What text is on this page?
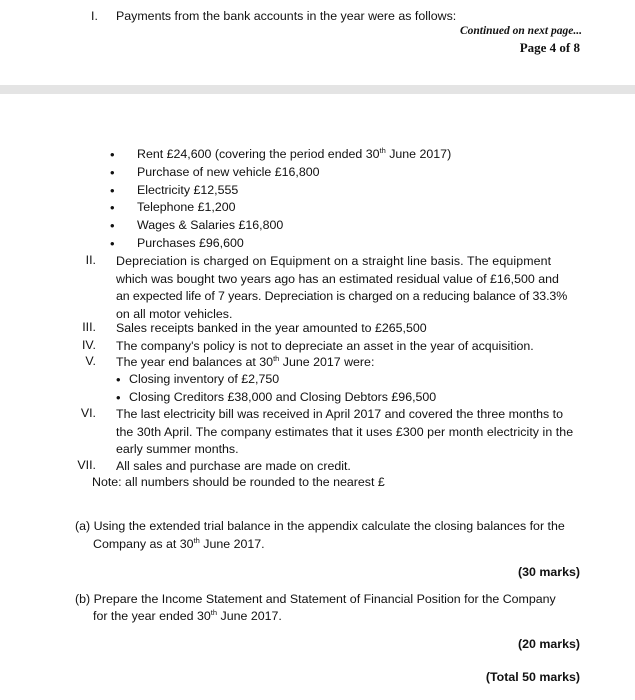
I. Payments from the bank accounts in the year were as follows:
Continued on next page...
Page 4 of 8
• Rent £24,600 (covering the period ended 30th June 2017)
• Purchase of new vehicle £16,800
• Electricity £12,555
• Telephone £1,200
• Wages & Salaries £16,800
• Purchases £96,600
II. Depreciation is charged on Equipment on a straight line basis. The equipment
which was bought two years ago has an estimated residual value of £16,500 and
an expected life of 7 years. Depreciation is charged on a reducing balance of 33.3%
on all motor vehicles.
III. Sales receipts banked in the year amounted to £265,500
IV. The company's policy is not to depreciate an asset in the year of acquisition.
V. The year end balances at 30th June 2017 were:
• Closing inventory of £2,750
• Closing Creditors £38,000 and Closing Debtors £96,500
VI. The last electricity bill was received in April 2017 and covered the three months to
the 30th April. The company estimates that it uses £300 per month electricity in the
early summer months.
VII. All sales and purchase are made on credit.
Note: all numbers should be rounded to the nearest £
(a) Using the extended trial balance in the appendix calculate the closing balances for the
Company as at 30th June 2017.
(30 marks)
(b) Prepare the Income Statement and Statement of Financial Position for the Company
for the year ended 30th June 2017.
(20 marks)
(Total 50 marks)
